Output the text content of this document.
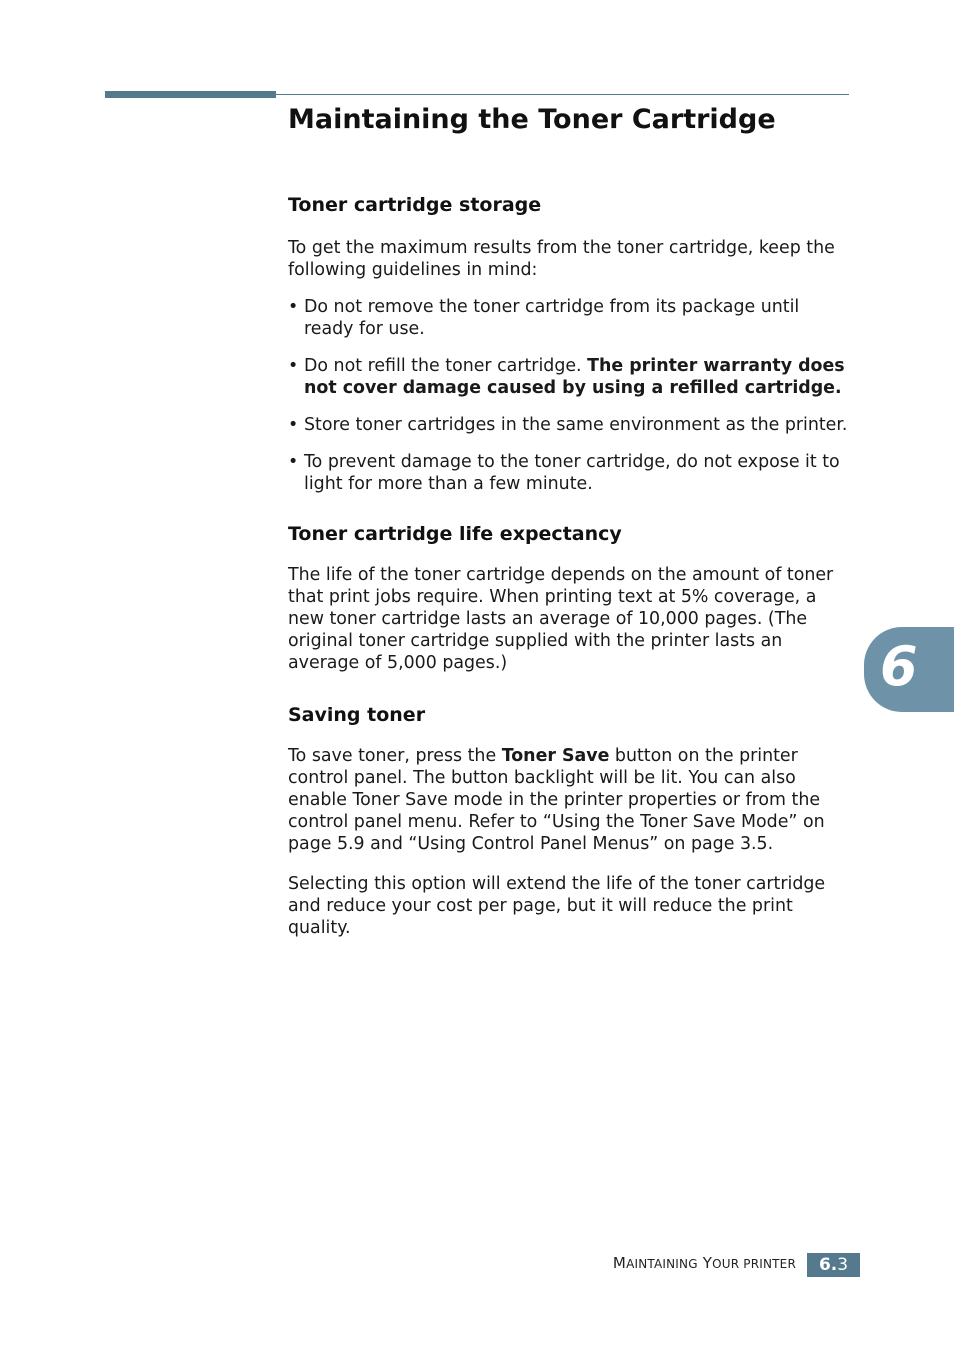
Maintaining the Toner Cartridge
Toner cartridge storage

To get the maximum results from the toner cartridge, keep the following guidelines in mind:

• Do not remove the toner cartridge from its package until ready for use.
• Do not refill the toner cartridge. The printer warranty does not cover damage caused by using a refilled cartridge.
• Store toner cartridges in the same environment as the printer.
• To prevent damage to the toner cartridge, do not expose it to light for more than a few minute.
Toner cartridge life expectancy

The life of the toner cartridge depends on the amount of toner that print jobs require. When printing text at 5% coverage, a new toner cartridge lasts an average of 10,000 pages. (The original toner cartridge supplied with the printer lasts an average of 5,000 pages.)

Saving toner

To save toner, press the Toner Save button on the printer control panel. The button backlight will be lit. You can also enable Toner Save mode in the printer properties or from the control panel menu. Refer to “Using the Toner Save Mode” on page 5.9 and “Using Control Panel Menus” on page 3.5.

Selecting this option will extend the life of the toner cartridge and reduce your cost per page, but it will reduce the print quality.

6
MAINTAINING YOUR PRINTER	6.3
